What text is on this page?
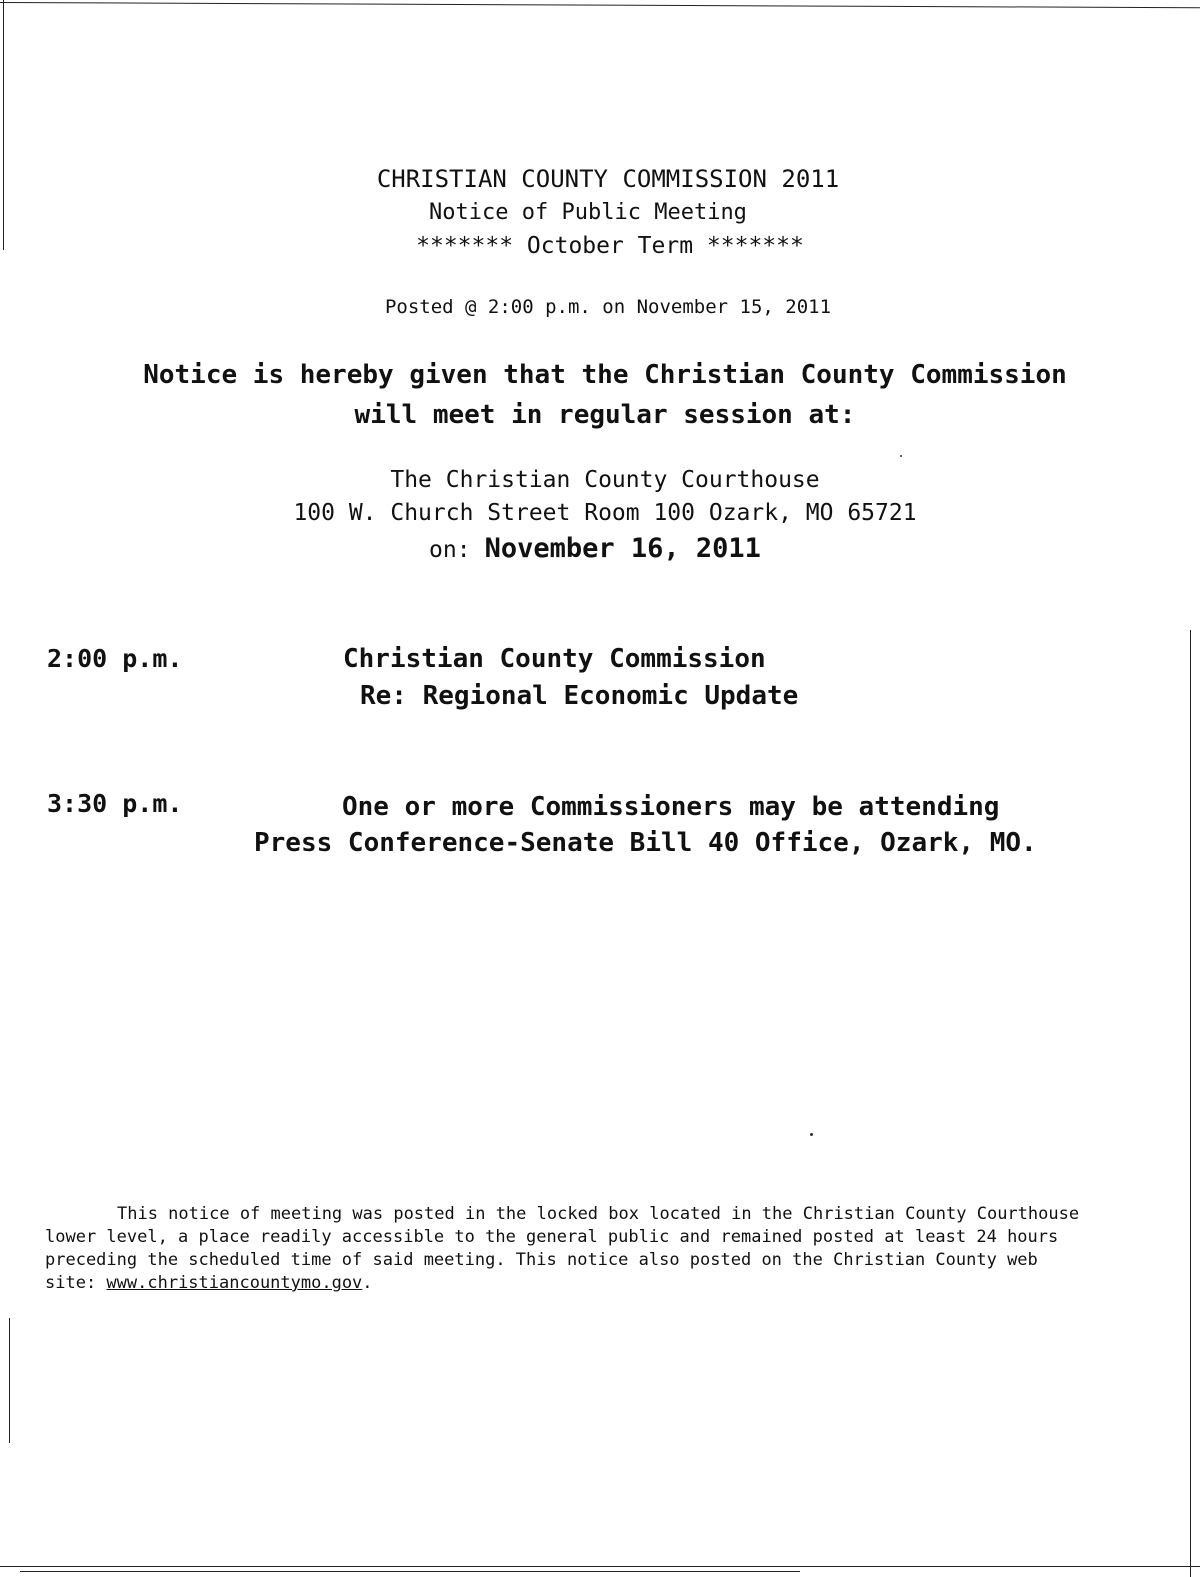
CHRISTIAN COUNTY COMMISSION 2011
Notice of Public Meeting
******* October Term *******
Posted @ 2:00 p.m. on November 15, 2011
Notice is hereby given that the Christian County Commission
will meet in regular session at:
The Christian County Courthouse
100 W. Church Street Room 100 Ozark, MO 65721
on: November 16, 2011
2:00 p.m.	Christian County Commission
Re: Regional Economic Update
3:30 p.m.	One or more Commissioners may be attending
Press Conference-Senate Bill 40 Office, Ozark, MO.
This notice of meeting was posted in the locked box located in the Christian County Courthouse
lower level, a place readily accessible to the general public and remained posted at least 24 hours
preceding the scheduled time of said meeting. This notice also posted on the Christian County web
site: www.christiancountymo.gov.
